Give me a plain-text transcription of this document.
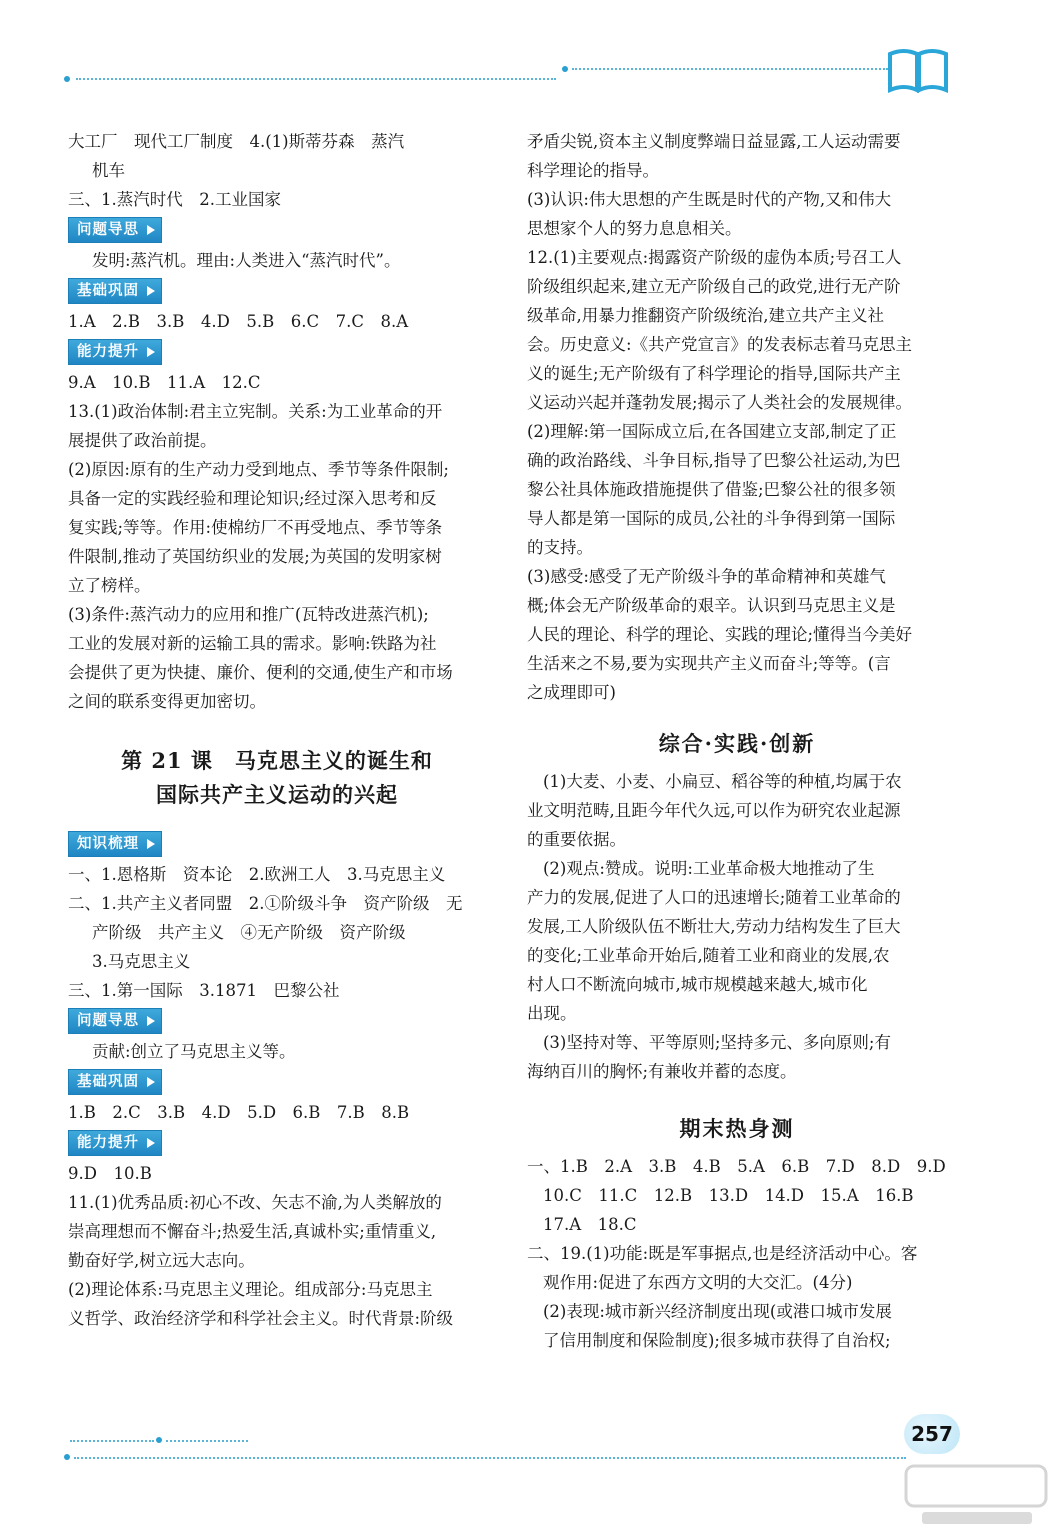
大工厂　现代工厂制度　4.(1)斯蒂芬森　蒸汽

机车

三、1.蒸汽时代　2.工业国家

问题导思

发明:蒸汽机。理由:人类进入“蒸汽时代”。

基础巩固

1.A　2.B　3.B　4.D　5.B　6.C　7.C　8.A

能力提升

9.A　10.B　11.A　12.C

13.(1)政治体制:君主立宪制。关系:为工业革命的开

展提供了政治前提。

(2)原因:原有的生产动力受到地点、季节等条件限制;

具备一定的实践经验和理论知识;经过深入思考和反

复实践;等等。作用:使棉纺厂不再受地点、季节等条

件限制,推动了英国纺织业的发展;为英国的发明家树

立了榜样。

(3)条件:蒸汽动力的应用和推广(瓦特改进蒸汽机);

工业的发展对新的运输工具的需求。影响:铁路为社

会提供了更为快捷、廉价、便利的交通,使生产和市场

之间的联系变得更加密切。

第 21 课　马克思主义的诞生和
国际共产主义运动的兴起
知识梳理

一、1.恩格斯　资本论　2.欧洲工人　3.马克思主义

二、1.共产主义者同盟　2.①阶级斗争　资产阶级　无

产阶级　共产主义　④无产阶级　资产阶级

3.马克思主义

三、1.第一国际　3.1871　巴黎公社

问题导思

贡献:创立了马克思主义等。

基础巩固

1.B　2.C　3.B　4.D　5.D　6.B　7.B　8.B

能力提升

9.D　10.B

11.(1)优秀品质:初心不改、矢志不渝,为人类解放的

崇高理想而不懈奋斗;热爱生活,真诚朴实;重情重义,

勤奋好学,树立远大志向。

(2)理论体系:马克思主义理论。组成部分:马克思主

义哲学、政治经济学和科学社会主义。时代背景:阶级

矛盾尖锐,资本主义制度弊端日益显露,工人运动需要

科学理论的指导。

(3)认识:伟大思想的产生既是时代的产物,又和伟大

思想家个人的努力息息相关。

12.(1)主要观点:揭露资产阶级的虚伪本质;号召工人

阶级组织起来,建立无产阶级自己的政党,进行无产阶

级革命,用暴力推翻资产阶级统治,建立共产主义社

会。历史意义:《共产党宣言》的发表标志着马克思主

义的诞生;无产阶级有了科学理论的指导,国际共产主

义运动兴起并蓬勃发展;揭示了人类社会的发展规律。

(2)理解:第一国际成立后,在各国建立支部,制定了正

确的政治路线、斗争目标,指导了巴黎公社运动,为巴

黎公社具体施政措施提供了借鉴;巴黎公社的很多领

导人都是第一国际的成员,公社的斗争得到第一国际

的支持。

(3)感受:感受了无产阶级斗争的革命精神和英雄气

概;体会无产阶级革命的艰辛。认识到马克思主义是

人民的理论、科学的理论、实践的理论;懂得当今美好

生活来之不易,要为实现共产主义而奋斗;等等。(言

之成理即可)

综合·实践·创新

(1)大麦、小麦、小扁豆、稻谷等的种植,均属于农

业文明范畴,且距今年代久远,可以作为研究农业起源

的重要依据。

(2)观点:赞成。说明:工业革命极大地推动了生

产力的发展,促进了人口的迅速增长;随着工业革命的

发展,工人阶级队伍不断壮大,劳动力结构发生了巨大

的变化;工业革命开始后,随着工业和商业的发展,农

村人口不断流向城市,城市规模越来越大,城市化

出现。

(3)坚持对等、平等原则;坚持多元、多向原则;有

海纳百川的胸怀;有兼收并蓄的态度。

期末热身测

一、1.B　2.A　3.B　4.B　5.A　6.B　7.D　8.D　9.D

10.C　11.C　12.B　13.D　14.D　15.A　16.B

17.A　18.C

二、19.(1)功能:既是军事据点,也是经济活动中心。客

观作用:促进了东西方文明的大交汇。(4分)

(2)表现:城市新兴经济制度出现(或港口城市发展

了信用制度和保险制度);很多城市获得了自治权;

257
